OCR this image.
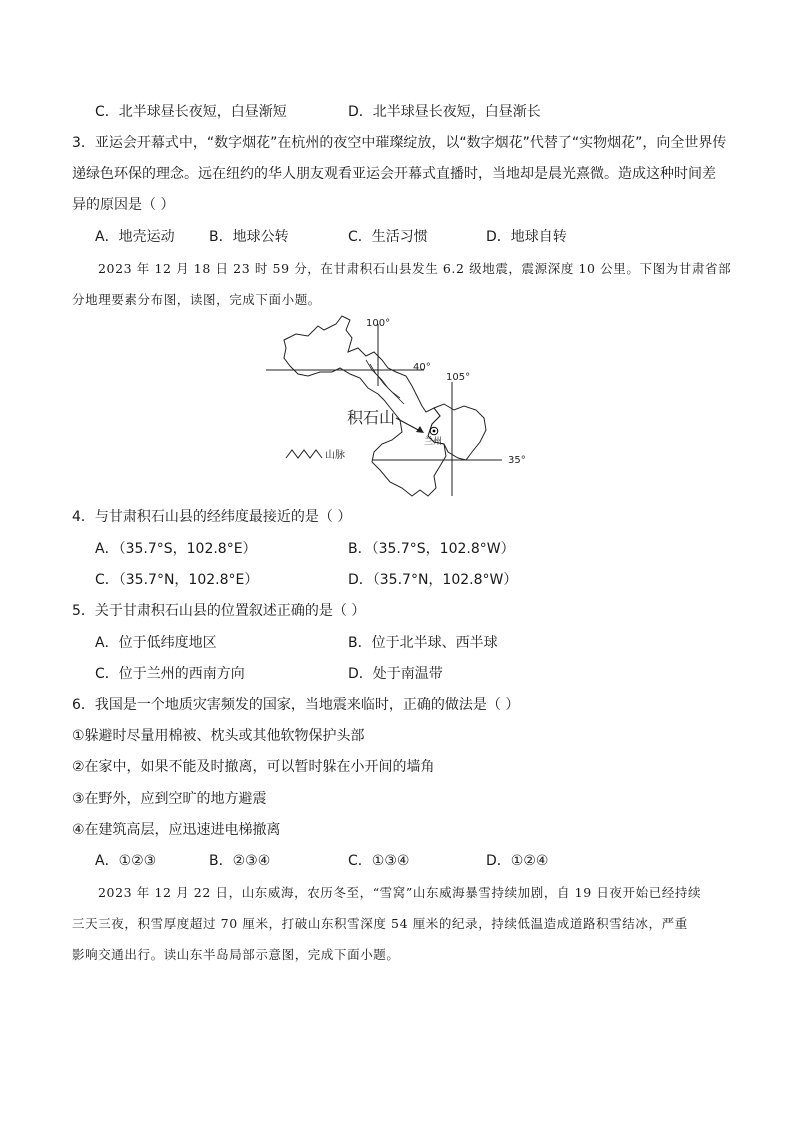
C．北半球昼长夜短，白昼渐短	D．北半球昼长夜短，白昼渐长
3．亚运会开幕式中，“数字烟花”在杭州的夜空中璀璨绽放，以“数字烟花”代替了“实物烟花”，向全世界传
递绿色环保的理念。远在纽约的华人朋友观看亚运会开幕式直播时，当地却是晨光熹微。造成这种时间差
异的原因是（ ）
A．地壳运动 B．地球公转	C．生活习惯	D．地球自转
2023 年 12 月 18 日 23 时 59 分，在甘肃积石山县发生 6.2 级地震，震源深度 10 公里。下图为甘肃省部
分地理要素分布图，读图，完成下面小题。
100°
40°
105°
35°
积石山
兰州
山脉
4．与甘肃积石山县的经纬度最接近的是（ ）
A．（35.7°S，102.8°E）	B．（35.7°S，102.8°W）
C．（35.7°N，102.8°E）	D．（35.7°N，102.8°W）
5．关于甘肃积石山县的位置叙述正确的是（ ）
A．位于低纬度地区	B．位于北半球、西半球
C．位于兰州的西南方向	D．处于南温带
6．我国是一个地质灾害频发的国家，当地震来临时，正确的做法是（ ）
①躲避时尽量用棉被、枕头或其他软物保护头部
②在家中，如果不能及时撤离，可以暂时躲在小开间的墙角
③在野外，应到空旷的地方避震
④在建筑高层，应迅速进电梯撤离
A．①②③	B．②③④	C．①③④	D．①②④
2023 年 12 月 22 日，山东威海，农历冬至，“雪窝”山东威海暴雪持续加剧，自 19 日夜开始已经持续
三天三夜，积雪厚度超过 70 厘米，打破山东积雪深度 54 厘米的纪录，持续低温造成道路积雪结冰，严重
影响交通出行。读山东半岛局部示意图，完成下面小题。
